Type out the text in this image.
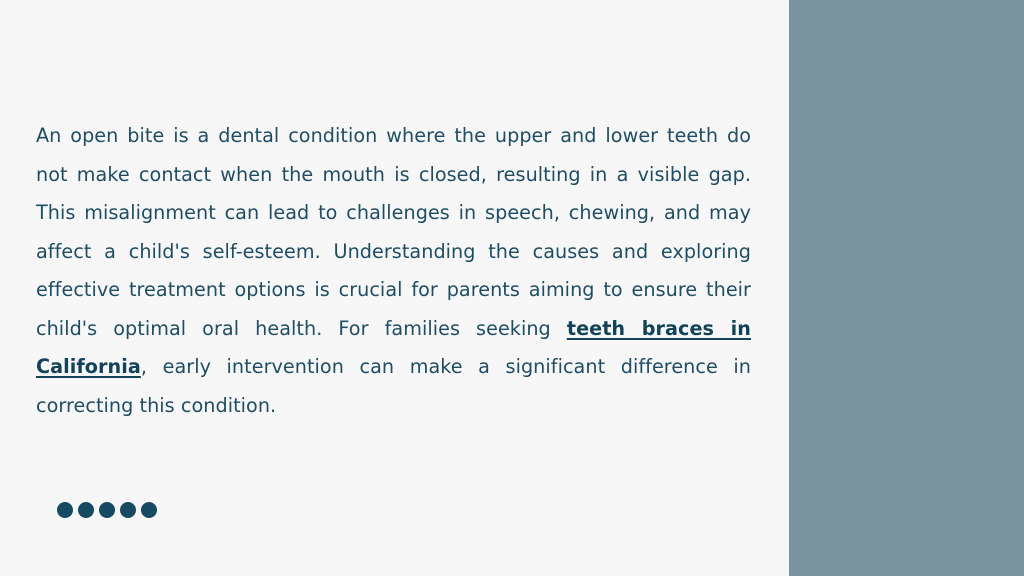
An open bite is a dental condition where the upper and lower teeth do not make contact when the mouth is closed, resulting in a visible gap. This misalignment can lead to challenges in speech, chewing, and may affect a child's self-esteem. Understanding the causes and exploring effective treatment options is crucial for parents aiming to ensure their child's optimal oral health. For families seeking teeth braces in California, early intervention can make a significant difference in correcting this condition.
